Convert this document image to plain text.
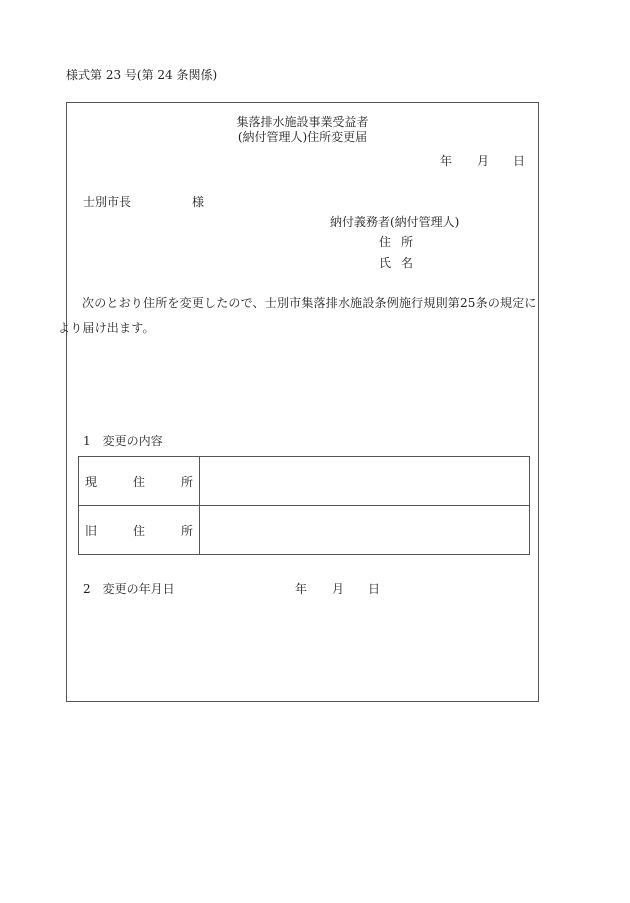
様式第 23 号(第 24 条関係)
集落排水施設事業受益者
(納付管理人)住所変更届
年 月 日
士別市長	様
納付義務者(納付管理人)
住 所
氏 名
次のとおり住所を変更したので、士別市集落排水施設条例施行規則第25条の規定により届け出ます。
1　変更の内容
現 住 所	

旧 住 所	

2　変更の年月日	年 月 日
